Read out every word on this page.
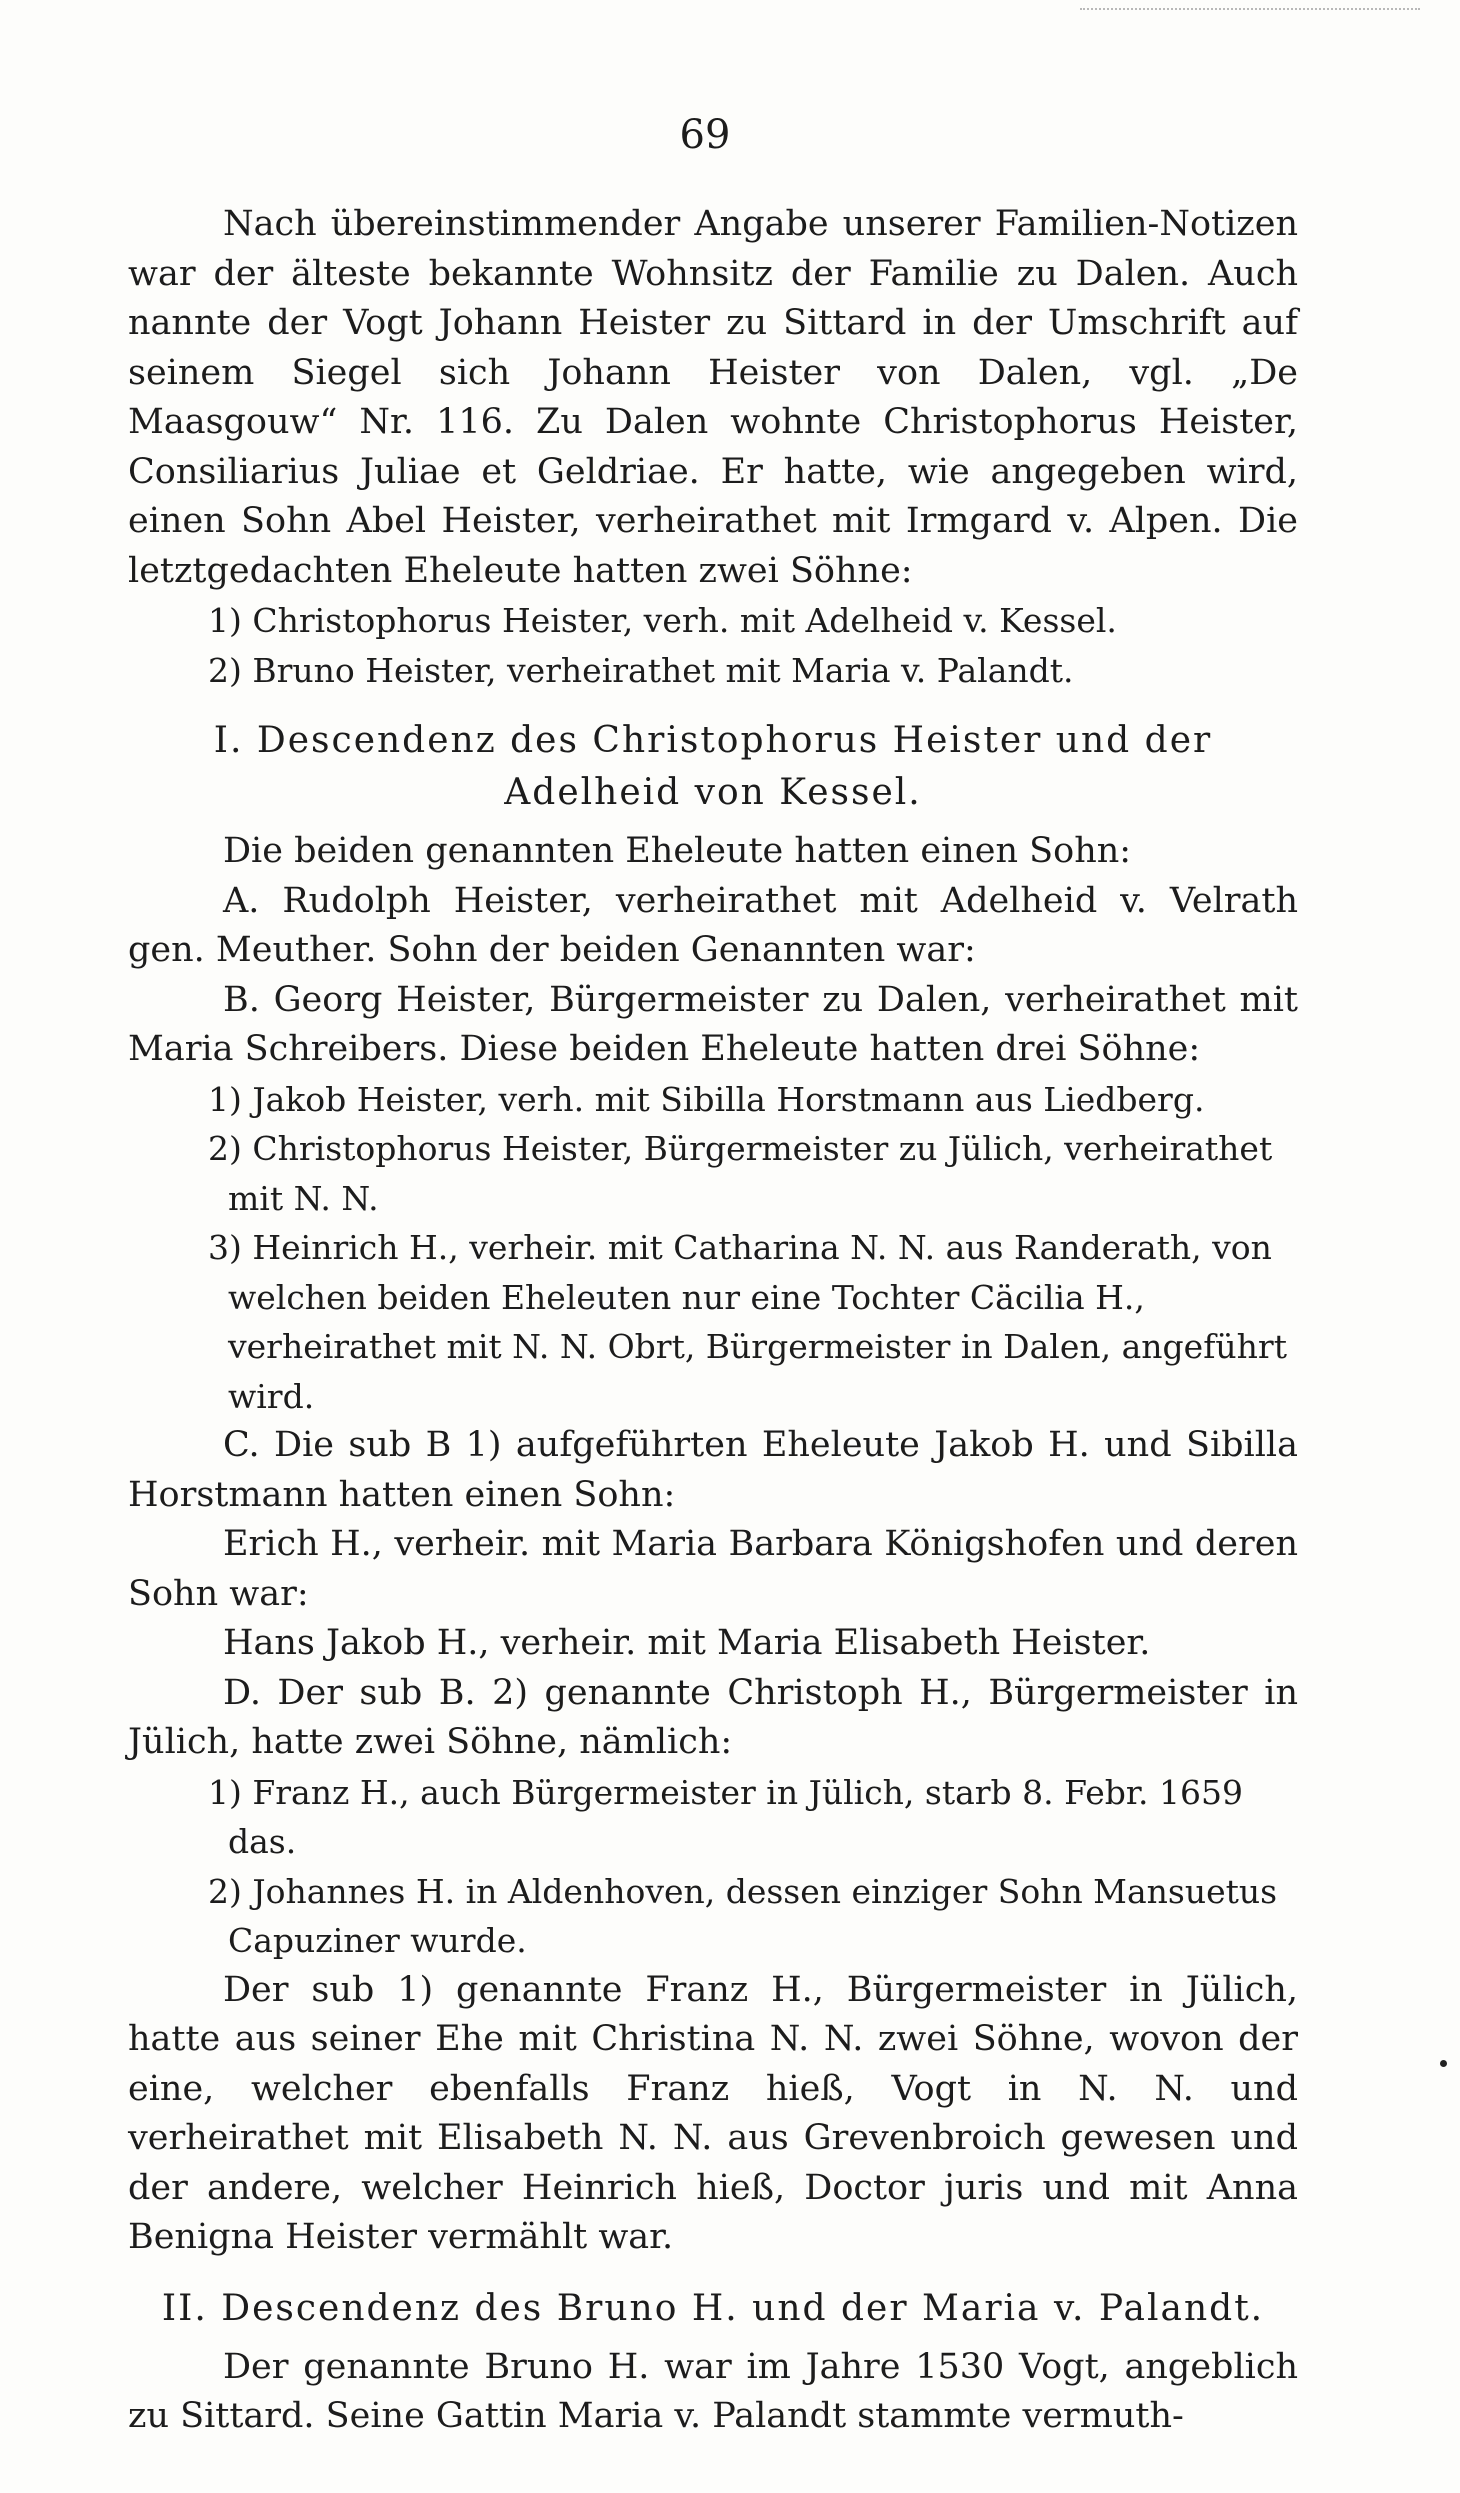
69

Nach übereinstimmender Angabe unserer Familien-Notizen war der älteste bekannte Wohnsitz der Familie zu Dalen. Auch nannte der Vogt Johann Heister zu Sittard in der Umschrift auf seinem Siegel sich Johann Heister von Dalen, vgl. „De Maasgouw“ Nr. 116. Zu Dalen wohnte Christophorus Heister, Consiliarius Juliae et Geldriae. Er hatte, wie angegeben wird, einen Sohn Abel Heister, verheirathet mit Irmgard v. Alpen. Die letztgedachten Eheleute hatten zwei Söhne:

1) Christophorus Heister, verh. mit Adelheid v. Kessel.

2) Bruno Heister, verheirathet mit Maria v. Palandt.

I. Descendenz des Christophorus Heister und der Adelheid von Kessel.

Die beiden genannten Eheleute hatten einen Sohn:

A. Rudolph Heister, verheirathet mit Adelheid v. Velrath gen. Meuther. Sohn der beiden Genannten war:

B. Georg Heister, Bürgermeister zu Dalen, verheirathet mit Maria Schreibers. Diese beiden Eheleute hatten drei Söhne:

1) Jakob Heister, verh. mit Sibilla Horstmann aus Liedberg.

2) Christophorus Heister, Bürgermeister zu Jülich, verheirathet mit N. N.

3) Heinrich H., verheir. mit Catharina N. N. aus Randerath, von welchen beiden Eheleuten nur eine Tochter Cäcilia H., verheirathet mit N. N. Obrt, Bürgermeister in Dalen, angeführt wird.

C. Die sub B 1) aufgeführten Eheleute Jakob H. und Sibilla Horstmann hatten einen Sohn:

Erich H., verheir. mit Maria Barbara Königshofen und deren Sohn war:

Hans Jakob H., verheir. mit Maria Elisabeth Heister.

D. Der sub B. 2) genannte Christoph H., Bürgermeister in Jülich, hatte zwei Söhne, nämlich:

1) Franz H., auch Bürgermeister in Jülich, starb 8. Febr. 1659 das.

2) Johannes H. in Aldenhoven, dessen einziger Sohn Mansuetus Capuziner wurde.

Der sub 1) genannte Franz H., Bürgermeister in Jülich, hatte aus seiner Ehe mit Christina N. N. zwei Söhne, wovon der eine, welcher ebenfalls Franz hieß, Vogt in N. N. und verheirathet mit Elisabeth N. N. aus Grevenbroich gewesen und der andere, welcher Heinrich hieß, Doctor juris und mit Anna Benigna Heister vermählt war.

II. Descendenz des Bruno H. und der Maria v. Palandt.

Der genannte Bruno H. war im Jahre 1530 Vogt, angeblich zu Sittard. Seine Gattin Maria v. Palandt stammte vermuth-
